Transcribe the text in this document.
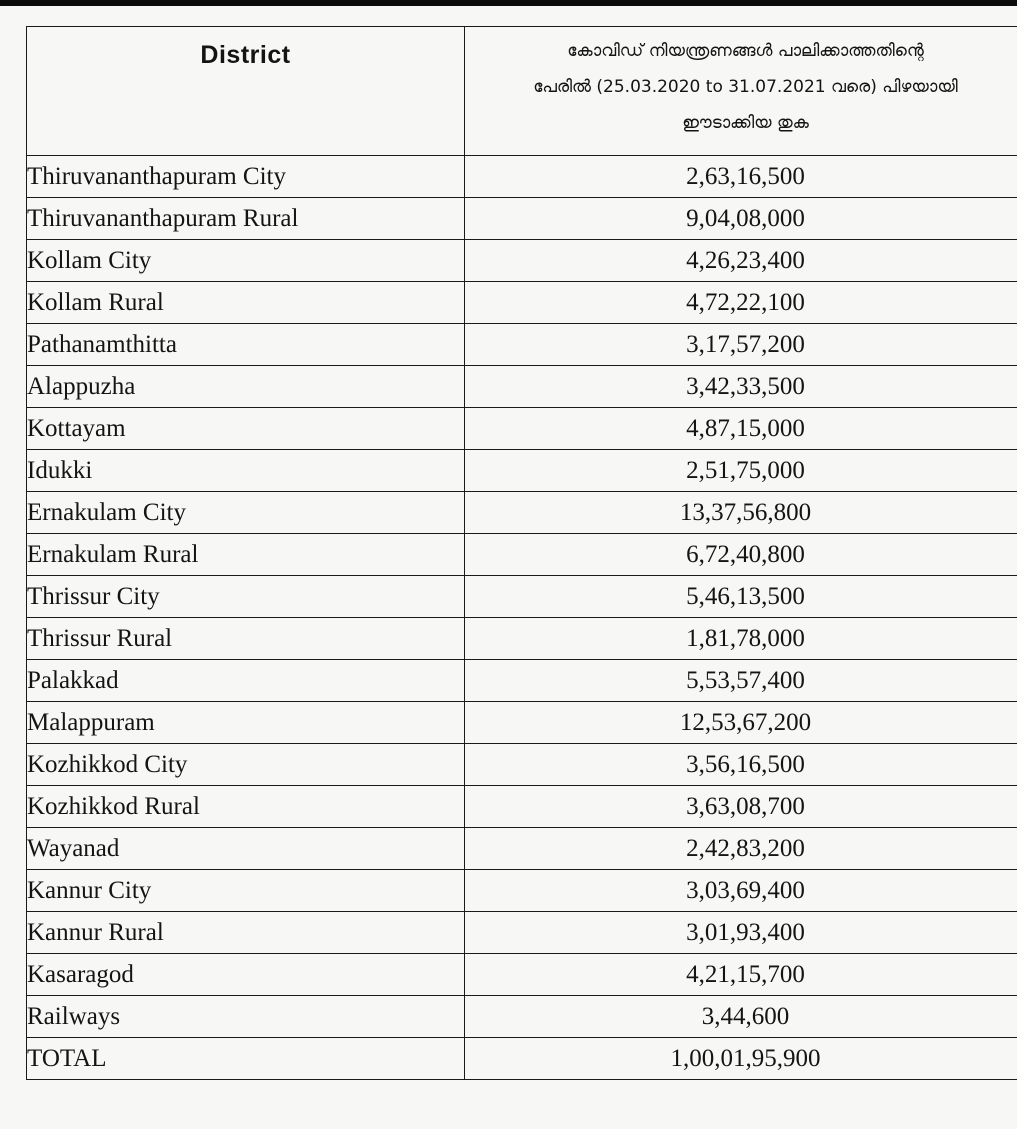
District	കോവിഡ് നിയന്ത്രണങ്ങൾ പാലിക്കാത്തതിന്റെ
പേരിൽ (25.03.2020 to 31.07.2021 വരെ) പിഴയായി
ഈടാക്കിയ തുക

Thiruvananthapuram City	2,63,16,500
Thiruvananthapuram Rural	9,04,08,000
Kollam City	4,26,23,400
Kollam Rural	4,72,22,100
Pathanamthitta	3,17,57,200
Alappuzha	3,42,33,500
Kottayam	4,87,15,000
Idukki	2,51,75,000
Ernakulam City	13,37,56,800
Ernakulam Rural	6,72,40,800
Thrissur City	5,46,13,500
Thrissur Rural	1,81,78,000
Palakkad	5,53,57,400
Malappuram	12,53,67,200
Kozhikkod City	3,56,16,500
Kozhikkod Rural	3,63,08,700
Wayanad	2,42,83,200
Kannur City	3,03,69,400
Kannur Rural	3,01,93,400
Kasaragod	4,21,15,700
Railways	3,44,600
TOTAL	1,00,01,95,900
